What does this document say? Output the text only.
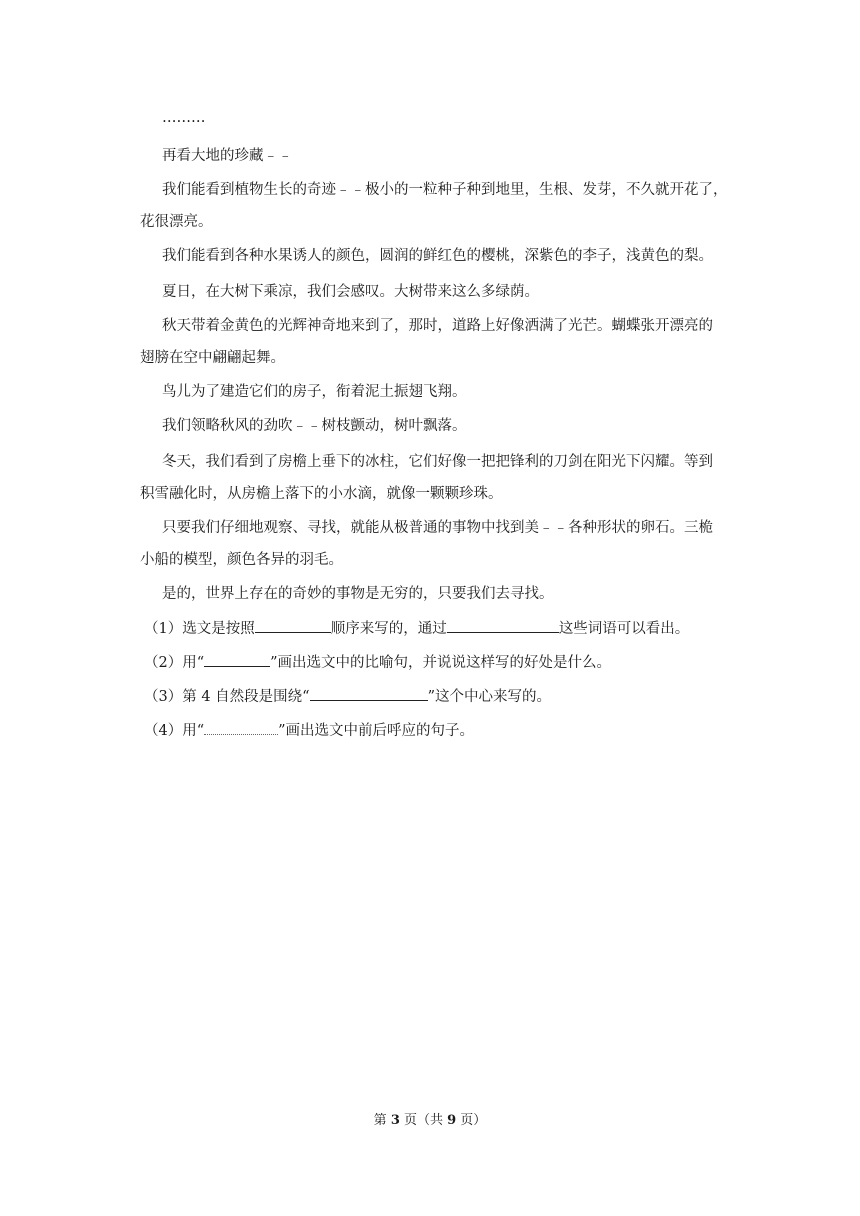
………
再看大地的珍藏﹣﹣
我们能看到植物生长的奇迹﹣﹣极小的一粒种子种到地里，生根、发芽，不久就开花了，
花很漂亮。
我们能看到各种水果诱人的颜色，圆润的鲜红色的樱桃，深紫色的李子，浅黄色的梨。
夏日，在大树下乘凉，我们会感叹。大树带来这么多绿荫。
秋天带着金黄色的光辉神奇地来到了，那时，道路上好像洒满了光芒。蝴蝶张开漂亮的
翅膀在空中翩翩起舞。
鸟儿为了建造它们的房子，衔着泥土振翅飞翔。
我们领略秋风的劲吹﹣﹣树枝颤动，树叶飘落。
冬天，我们看到了房檐上垂下的冰柱，它们好像一把把锋利的刀剑在阳光下闪耀。等到
积雪融化时，从房檐上落下的小水滴，就像一颗颗珍珠。
只要我们仔细地观察、寻找，就能从极普通的事物中找到美﹣﹣各种形状的卵石。三桅
小船的模型，颜色各异的羽毛。
是的，世界上存在的奇妙的事物是无穷的，只要我们去寻找。
（1）选文是按照	顺序来写的，通过	这些词语可以看出。
（2）用“	”画出选文中的比喻句，并说说这样写的好处是什么。
（3）第 4 自然段是围绕“	”这个中心来写的。
（4）用“	”画出选文中前后呼应的句子。
第 3 页（共 9 页）
